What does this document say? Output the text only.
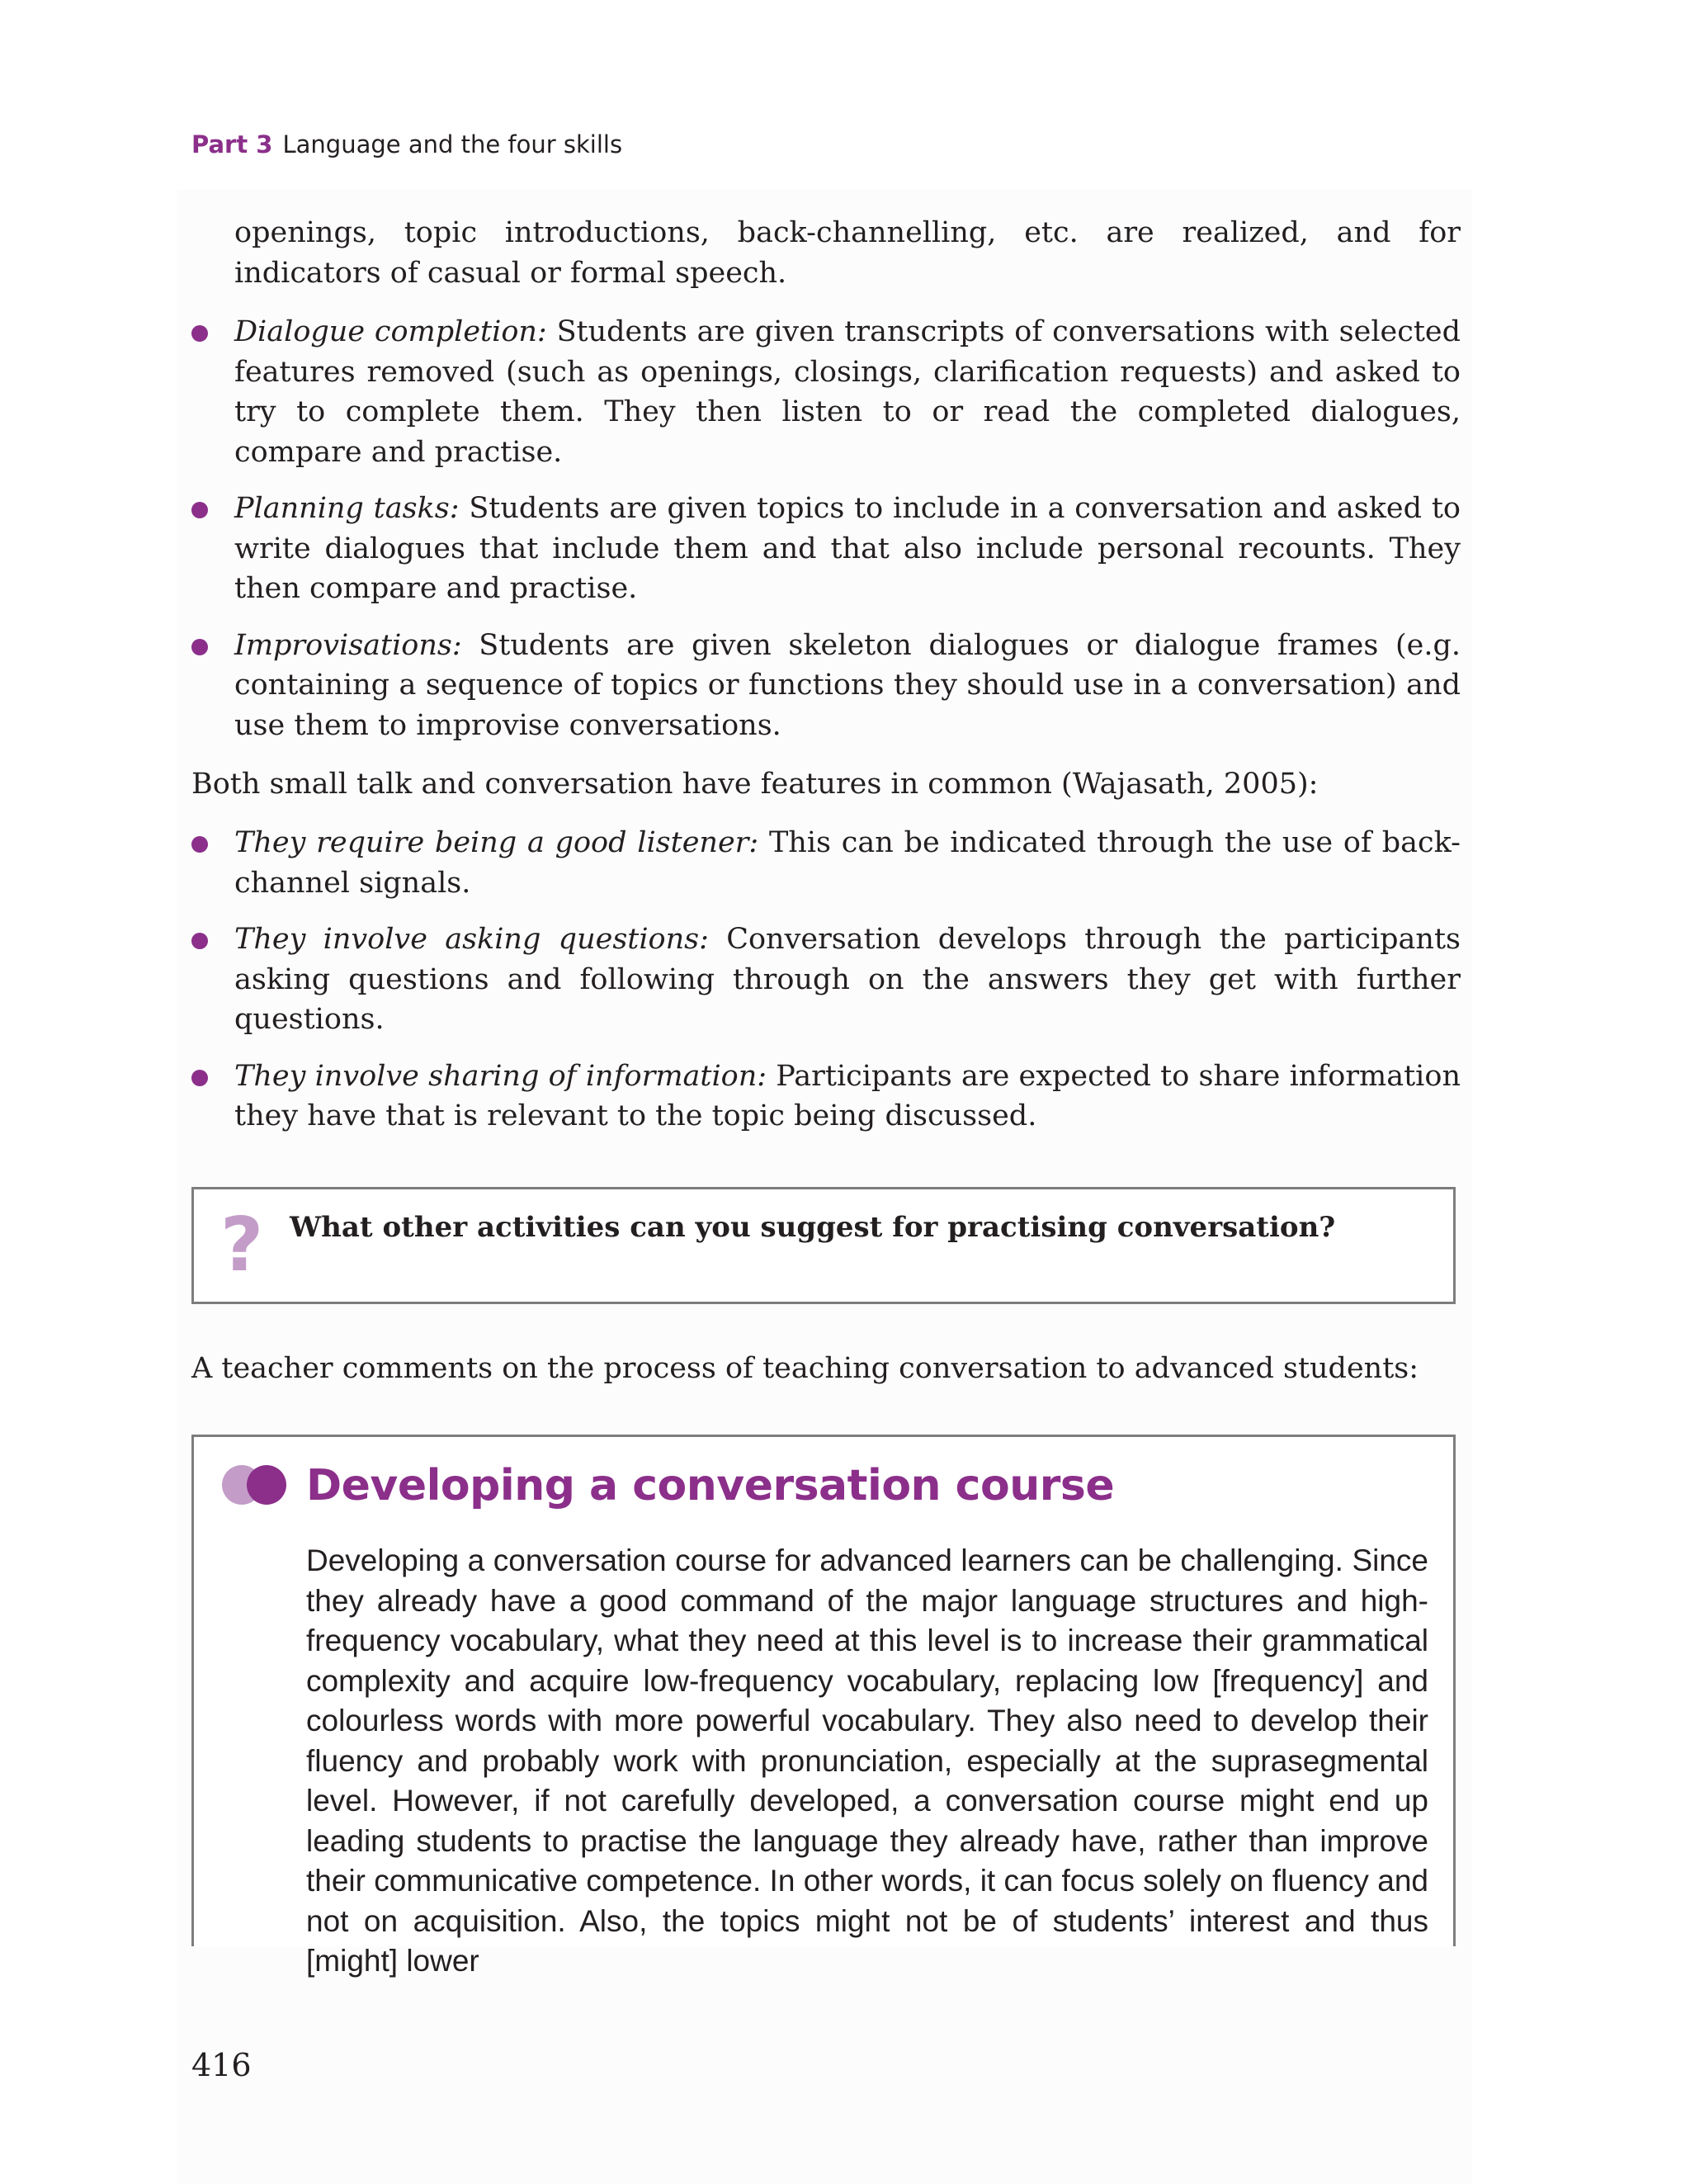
Part 3 Language and the four skills
openings, topic introductions, back-channelling, etc. are realized, and for indicators of casual or formal speech.
Dialogue completion: Students are given transcripts of conversations with selected features removed (such as openings, closings, clarification requests) and asked to try to complete them. They then listen to or read the completed dialogues, compare and practise.
Planning tasks: Students are given topics to include in a conversation and asked to write dialogues that include them and that also include personal recounts. They then compare and practise.
Improvisations: Students are given skeleton dialogues or dialogue frames (e.g. containing a sequence of topics or functions they should use in a conversation) and use them to improvise conversations.
Both small talk and conversation have features in common (Wajasath, 2005):
They require being a good listener: This can be indicated through the use of back-channel signals.
They involve asking questions: Conversation develops through the participants asking questions and following through on the answers they get with further questions.
They involve sharing of information: Participants are expected to share information they have that is relevant to the topic being discussed.
? What other activities can you suggest for practising conversation?
A teacher comments on the process of teaching conversation to advanced students:
Developing a conversation course
Developing a conversation course for advanced learners can be challenging. Since they already have a good command of the major language structures and high-frequency vocabulary, what they need at this level is to increase their grammatical complexity and acquire low-frequency vocabulary, replacing low [frequency] and colourless words with more powerful vocabulary. They also need to develop their fluency and probably work with pronunciation, especially at the suprasegmental level. However, if not carefully developed, a conversation course might end up leading students to practise the language they already have, rather than improve their communicative competence. In other words, it can focus solely on fluency and not on acquisition. Also, the topics might not be of students’ interest and thus [might] lower
416
